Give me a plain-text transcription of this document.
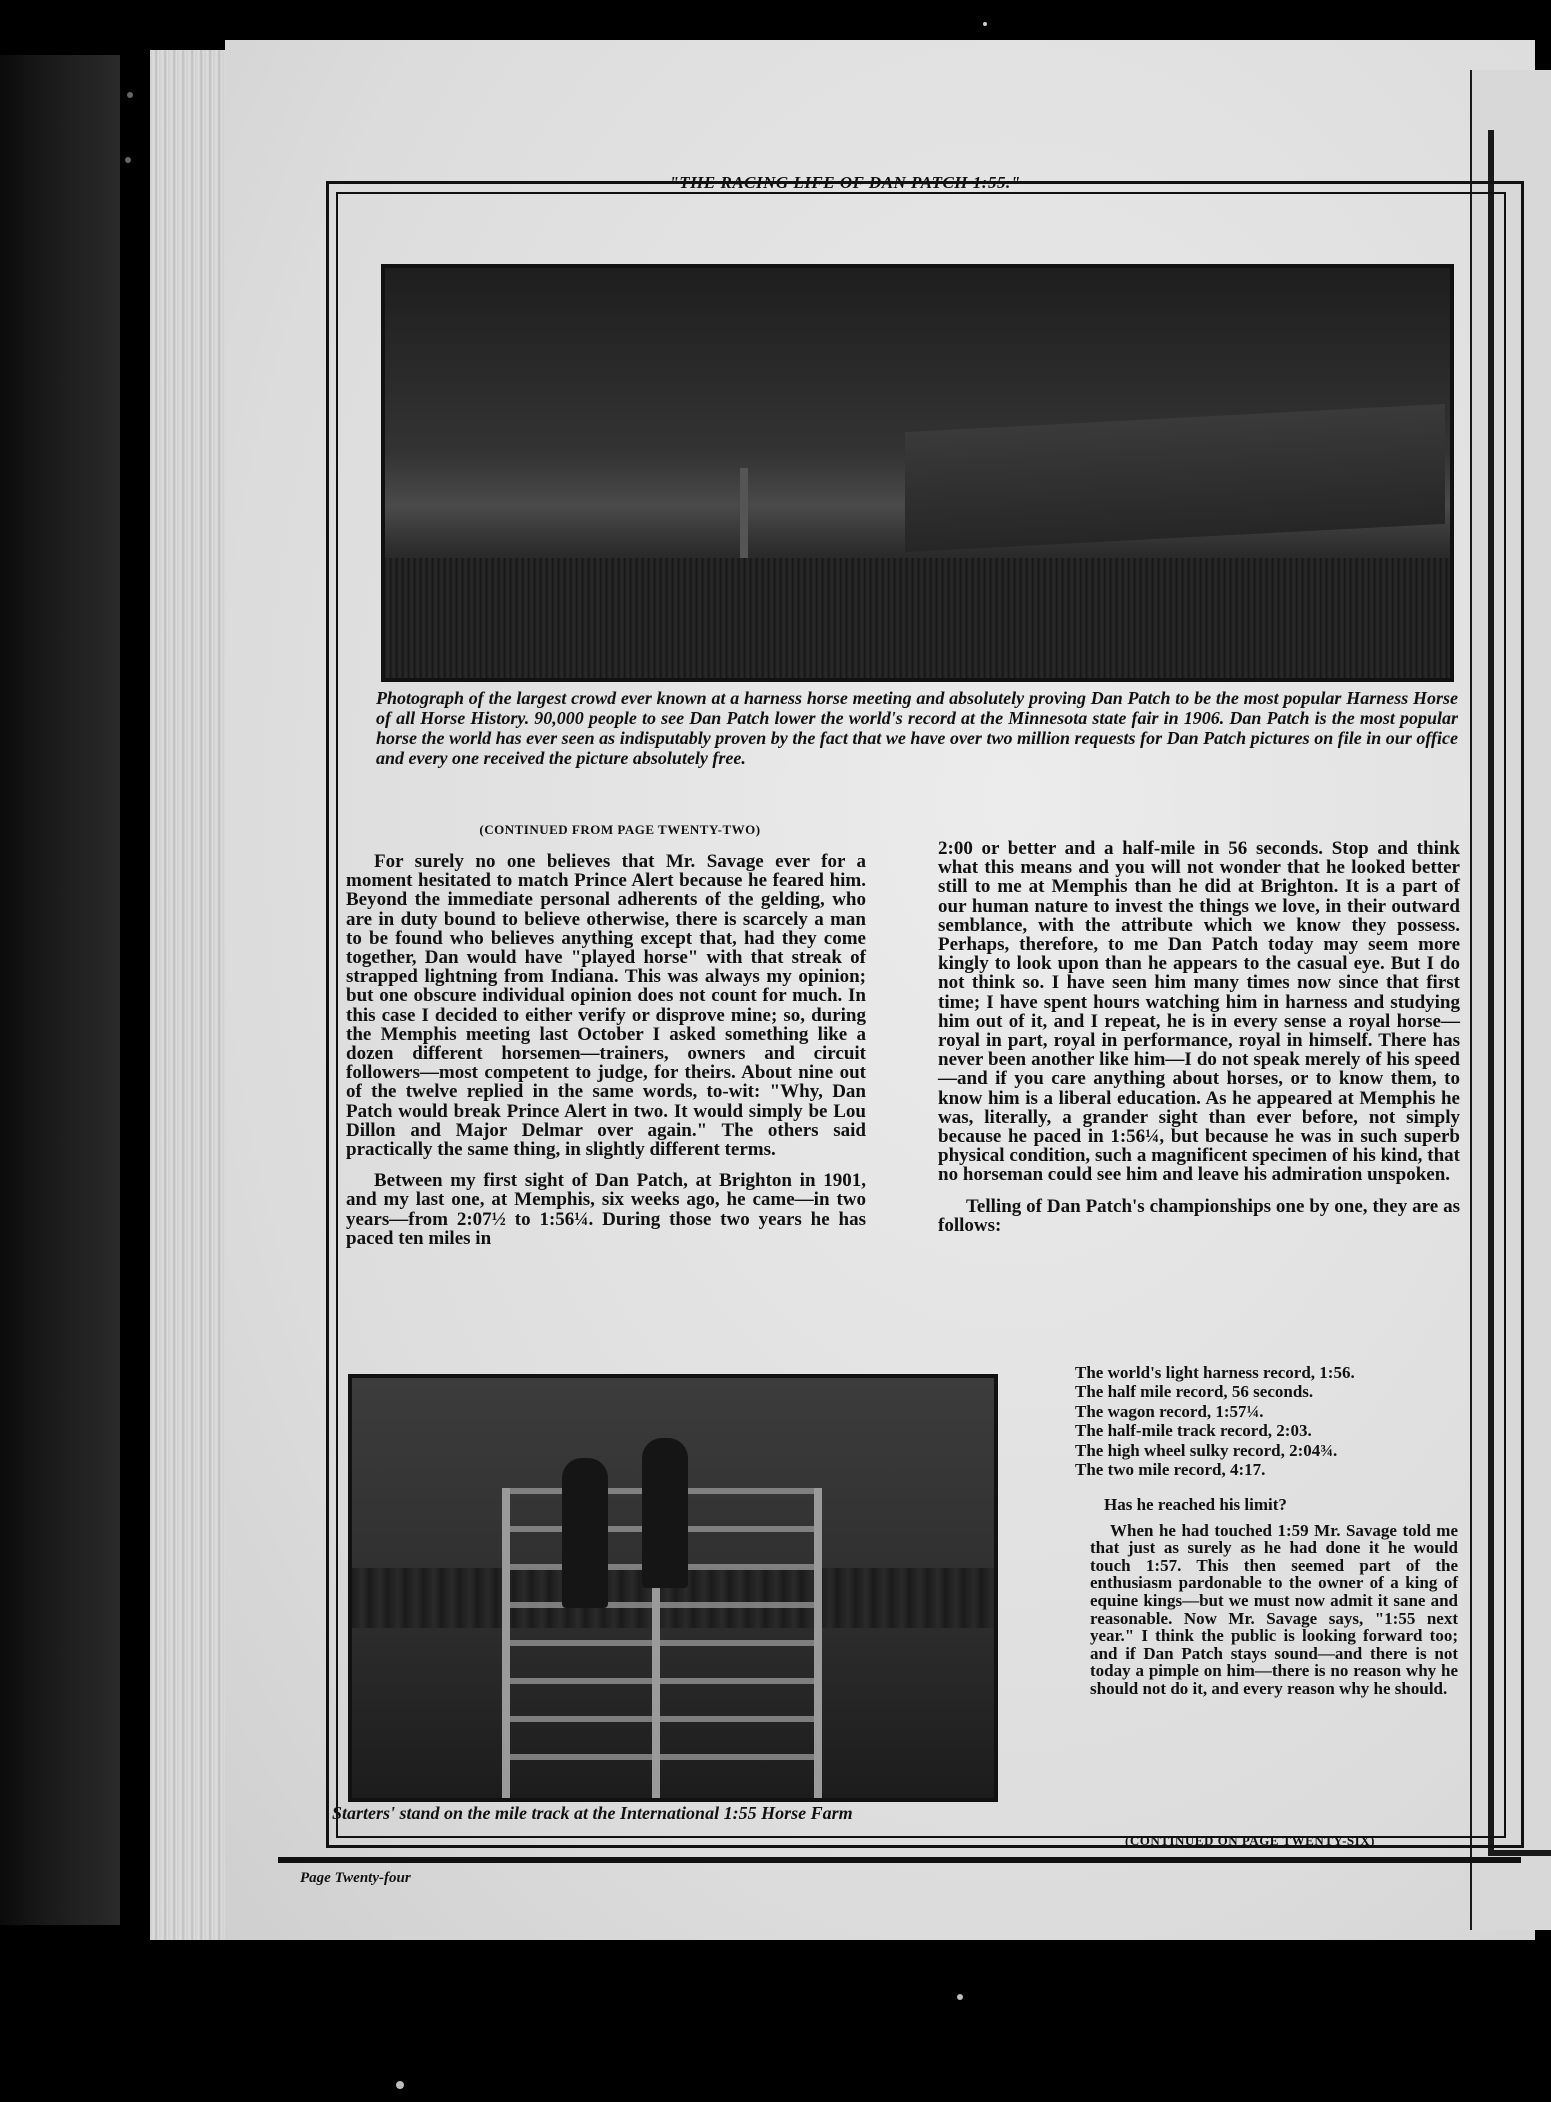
"THE RACING LIFE OF DAN PATCH 1:55."

Photograph of the largest crowd ever known at a harness horse meeting and absolutely proving Dan Patch to be the most popular Harness Horse of all Horse History. 90,000 people to see Dan Patch lower the world's record at the Minnesota state fair in 1906. Dan Patch is the most popular horse the world has ever seen as indisputably proven by the fact that we have over two million requests for Dan Patch pictures on file in our office and every one received the picture absolutely free.

(CONTINUED FROM PAGE TWENTY-TWO)

For surely no one believes that Mr. Savage ever for a moment hesitated to match Prince Alert because he feared him. Beyond the immediate personal adherents of the gelding, who are in duty bound to believe otherwise, there is scarcely a man to be found who believes anything except that, had they come together, Dan would have "played horse" with that streak of strapped lightning from Indiana. This was always my opinion; but one obscure individual opinion does not count for much. In this case I decided to either verify or disprove mine; so, during the Memphis meeting last October I asked something like a dozen different horsemen—trainers, owners and circuit followers—most competent to judge, for theirs. About nine out of the twelve replied in the same words, to-wit: "Why, Dan Patch would break Prince Alert in two. It would simply be Lou Dillon and Major Delmar over again." The others said practically the same thing, in slightly different terms.

Between my first sight of Dan Patch, at Brighton in 1901, and my last one, at Memphis, six weeks ago, he came—in two years—from 2:07½ to 1:56¼. During those two years he has paced ten miles in

2:00 or better and a half-mile in 56 seconds. Stop and think what this means and you will not wonder that he looked better still to me at Memphis than he did at Brighton. It is a part of our human nature to invest the things we love, in their outward semblance, with the attribute which we know they possess. Perhaps, therefore, to me Dan Patch today may seem more kingly to look upon than he appears to the casual eye. But I do not think so. I have seen him many times now since that first time; I have spent hours watching him in harness and studying him out of it, and I repeat, he is in every sense a royal horse—royal in part, royal in performance, royal in himself. There has never been another like him—I do not speak merely of his speed—and if you care anything about horses, or to know them, to know him is a liberal education. As he appeared at Memphis he was, literally, a grander sight than ever before, not simply because he paced in 1:56¼, but because he was in such superb physical condition, such a magnificent specimen of his kind, that no horseman could see him and leave his admiration unspoken.

Telling of Dan Patch's championships one by one, they are as follows:

The world's light harness record, 1:56.
The half mile record, 56 seconds.
The wagon record, 1:57¼.
The half-mile track record, 2:03.
The high wheel sulky record, 2:04¾.
The two mile record, 4:17.

Has he reached his limit?

When he had touched 1:59 Mr. Savage told me that just as surely as he had done it he would touch 1:57. This then seemed part of the enthusiasm pardonable to the owner of a king of equine kings—but we must now admit it sane and reasonable. Now Mr. Savage says, "1:55 next year." I think the public is looking forward too; and if Dan Patch stays sound—and there is not today a pimple on him—there is no reason why he should not do it, and every reason why he should.

Starters' stand on the mile track at the International 1:55 Horse Farm
(CONTINUED ON PAGE TWENTY-SIX)
Page Twenty-four
